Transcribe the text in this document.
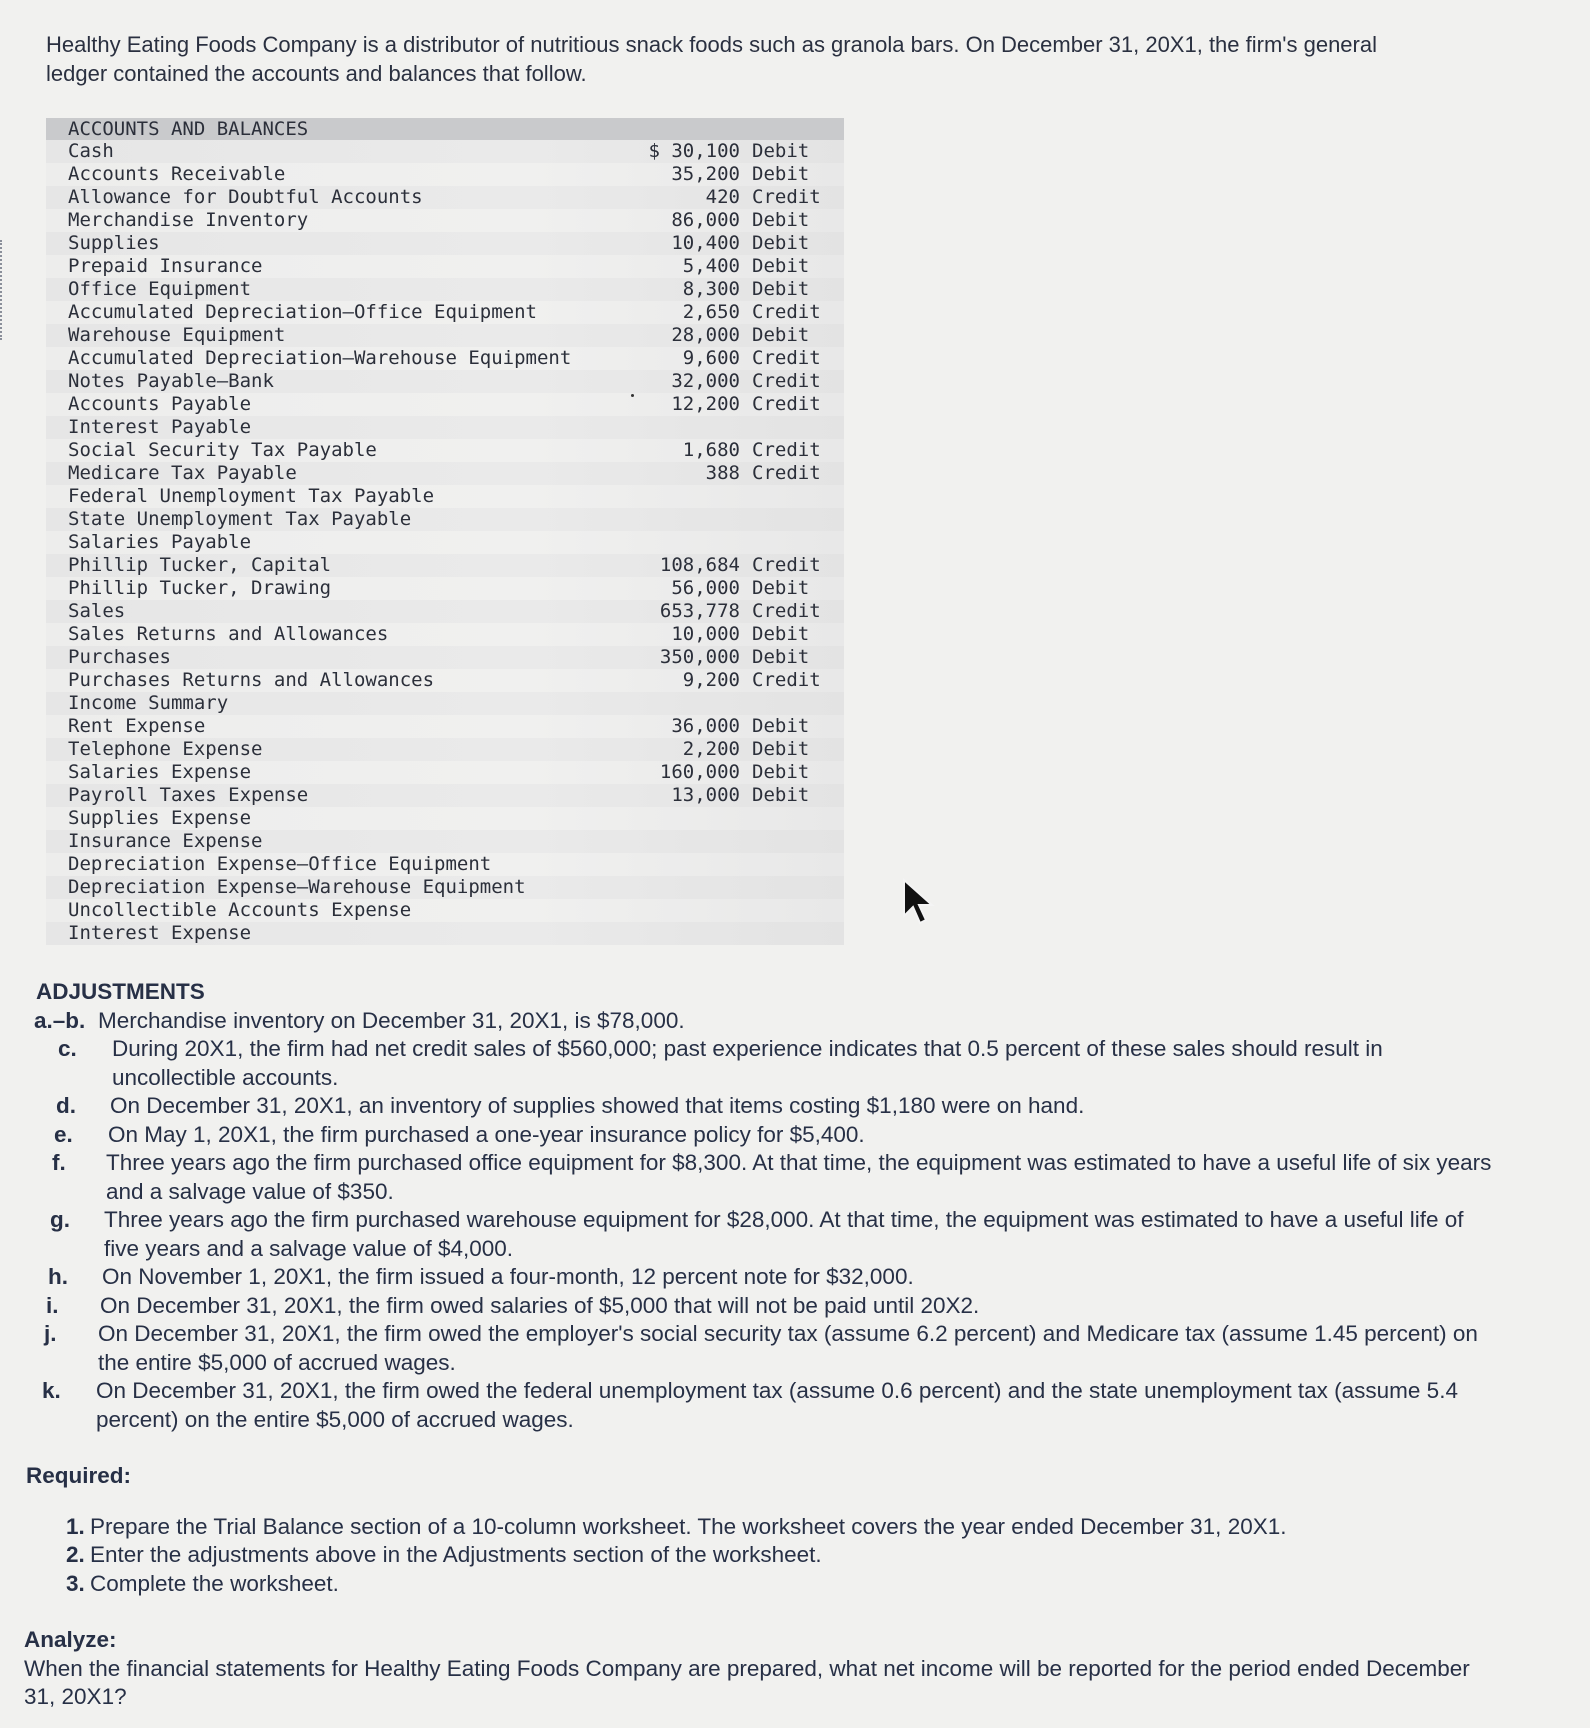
Healthy Eating Foods Company is a distributor of nutritious snack foods such as granola bars. On December 31, 20X1, the firm's general ledger contained the accounts and balances that follow.
ACCOUNTS AND BALANCES
Cash	$ 30,100 Debit
Accounts Receivable	35,200 Debit
Allowance for Doubtful Accounts	420 Credit
Merchandise Inventory	86,000 Debit
Supplies	10,400 Debit
Prepaid Insurance	5,400 Debit
Office Equipment	8,300 Debit
Accumulated Depreciation—Office Equipment	2,650 Credit
Warehouse Equipment	28,000 Debit
Accumulated Depreciation—Warehouse Equipment	9,600 Credit
Notes Payable—Bank	32,000 Credit
Accounts Payable	12,200 Credit
Interest Payable
Social Security Tax Payable	1,680 Credit
Medicare Tax Payable	388 Credit
Federal Unemployment Tax Payable
State Unemployment Tax Payable
Salaries Payable
Phillip Tucker, Capital	108,684 Credit
Phillip Tucker, Drawing	56,000 Debit
Sales	653,778 Credit
Sales Returns and Allowances	10,000 Debit
Purchases	350,000 Debit
Purchases Returns and Allowances	9,200 Credit
Income Summary
Rent Expense	36,000 Debit
Telephone Expense	2,200 Debit
Salaries Expense	160,000 Debit
Payroll Taxes Expense	13,000 Debit
Supplies Expense
Insurance Expense
Depreciation Expense—Office Equipment
Depreciation Expense—Warehouse Equipment
Uncollectible Accounts Expense
Interest Expense
ADJUSTMENTS
a.–b. Merchandise inventory on December 31, 20X1, is $78,000.
c. During 20X1, the firm had net credit sales of $560,000; past experience indicates that 0.5 percent of these sales should result in uncollectible accounts.
d. On December 31, 20X1, an inventory of supplies showed that items costing $1,180 were on hand.
e. On May 1, 20X1, the firm purchased a one-year insurance policy for $5,400.
f. Three years ago the firm purchased office equipment for $8,300. At that time, the equipment was estimated to have a useful life of six years and a salvage value of $350.
g. Three years ago the firm purchased warehouse equipment for $28,000. At that time, the equipment was estimated to have a useful life of five years and a salvage value of $4,000.
h. On November 1, 20X1, the firm issued a four-month, 12 percent note for $32,000.
i. On December 31, 20X1, the firm owed salaries of $5,000 that will not be paid until 20X2.
j. On December 31, 20X1, the firm owed the employer's social security tax (assume 6.2 percent) and Medicare tax (assume 1.45 percent) on the entire $5,000 of accrued wages.
k. On December 31, 20X1, the firm owed the federal unemployment tax (assume 0.6 percent) and the state unemployment tax (assume 5.4 percent) on the entire $5,000 of accrued wages.
Required:
1. Prepare the Trial Balance section of a 10-column worksheet. The worksheet covers the year ended December 31, 20X1.
2. Enter the adjustments above in the Adjustments section of the worksheet.
3. Complete the worksheet.
Analyze:
When the financial statements for Healthy Eating Foods Company are prepared, what net income will be reported for the period ended December 31, 20X1?
